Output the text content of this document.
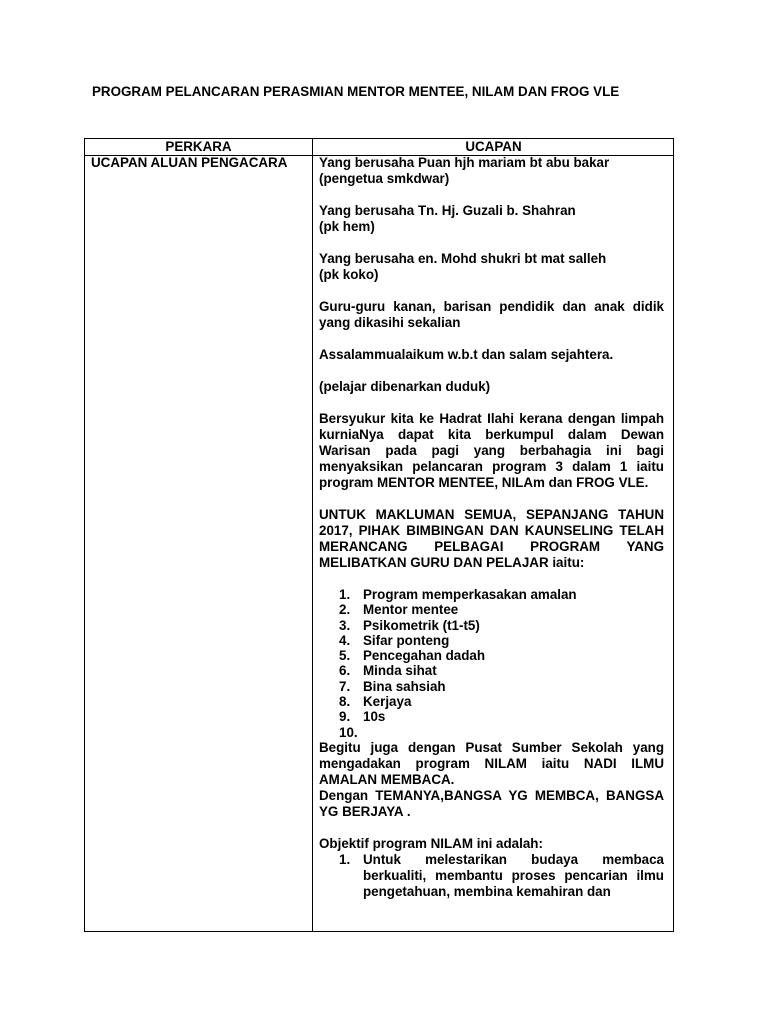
PROGRAM PELANCARAN PERASMIAN MENTOR MENTEE, NILAM DAN FROG VLE
PERKARA	UCAPAN
UCAPAN ALUAN PENGACARA Yang berusaha Puan hjh mariam bt abu bakar

(pengetua smkdwar)

Yang berusaha Tn. Hj. Guzali b. Shahran

(pk hem)

Yang berusaha en. Mohd shukri bt mat salleh

(pk koko)

Guru-guru kanan, barisan pendidik dan anak didik yang dikasihi sekalian

Assalammualaikum w.b.t dan salam sejahtera.

(pelajar dibenarkan duduk)

Bersyukur kita ke Hadrat Ilahi kerana dengan limpah kurniaNya dapat kita berkumpul dalam Dewan Warisan pada pagi yang berbahagia ini bagi menyaksikan pelancaran program 3 dalam 1 iaitu program MENTOR MENTEE, NILAm dan FROG VLE.

UNTUK MAKLUMAN SEMUA, SEPANJANG TAHUN 2017, PIHAK BIMBINGAN DAN KAUNSELING TELAH MERANCANG PELBAGAI PROGRAM YANG MELIBATKAN GURU DAN PELAJAR iaitu:

1. Program memperkasakan amalan
2. Mentor mentee
3. Psikometrik (t1-t5)
4. Sifar ponteng
5. Pencegahan dadah
6. Minda sihat
7. Bina sahsiah
8. Kerjaya
9. 10s
10.

Begitu juga dengan Pusat Sumber Sekolah yang mengadakan program NILAM iaitu NADI ILMU AMALAN MEMBACA.

Dengan TEMANYA,BANGSA YG MEMBCA, BANGSA YG BERJAYA .

Objektif program NILAM ini adalah:

1. Untuk melestarikan budaya membaca berkualiti, membantu proses pencarian ilmu pengetahuan, membina kemahiran dan
